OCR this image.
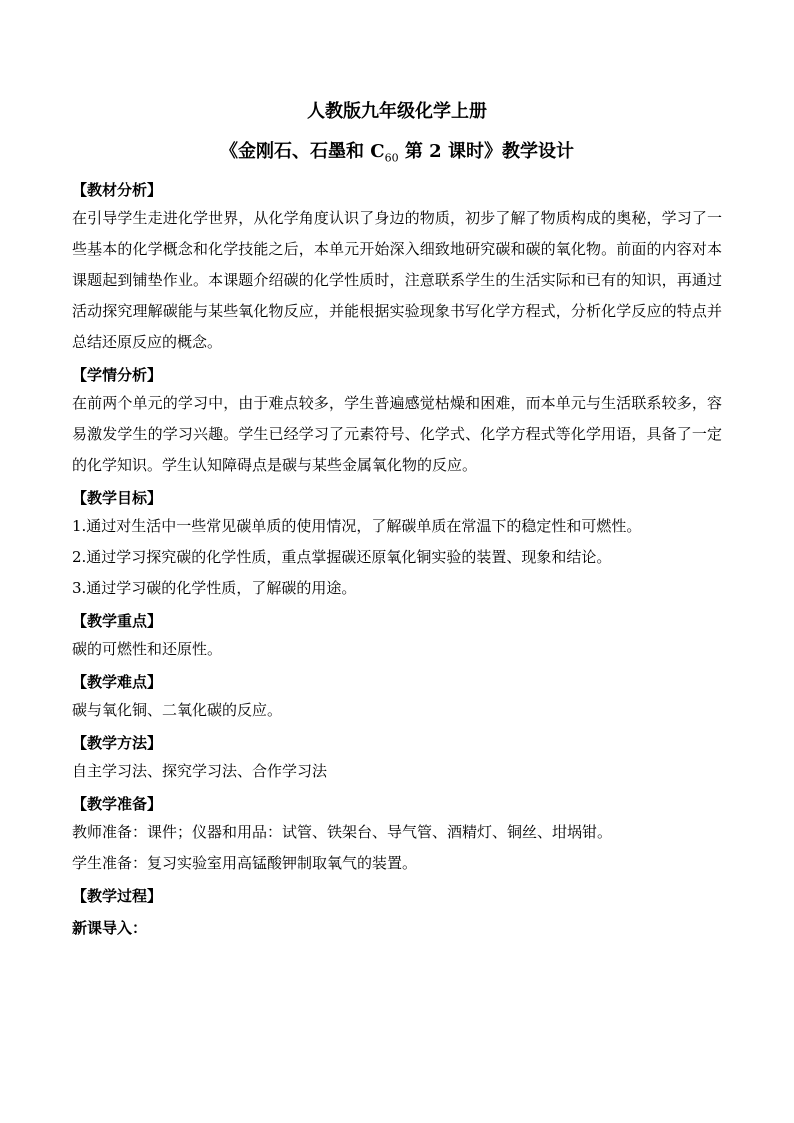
人教版九年级化学上册
《金刚石、石墨和 $C_{60}$ 第 2 课时》教学设计
【教材分析】

在引导学生走进化学世界，从化学角度认识了身边的物质，初步了解了物质构成的奥秘，学习了一些基本的化学概念和化学技能之后，本单元开始深入细致地研究碳和碳的氧化物。前面的内容对本课题起到铺垫作业。本课题介绍碳的化学性质时，注意联系学生的生活实际和已有的知识，再通过活动探究理解碳能与某些氧化物反应，并能根据实验现象书写化学方程式，分析化学反应的特点并总结还原反应的概念。

【学情分析】

在前两个单元的学习中，由于难点较多，学生普遍感觉枯燥和困难，而本单元与生活联系较多，容易激发学生的学习兴趣。学生已经学习了元素符号、化学式、化学方程式等化学用语，具备了一定的化学知识。学生认知障碍点是碳与某些金属氧化物的反应。

【教学目标】

1.通过对生活中一些常见碳单质的使用情况，了解碳单质在常温下的稳定性和可燃性。

2.通过学习探究碳的化学性质，重点掌握碳还原氧化铜实验的装置、现象和结论。

3.通过学习碳的化学性质，了解碳的用途。

【教学重点】

碳的可燃性和还原性。

【教学难点】

碳与氧化铜、二氧化碳的反应。

【教学方法】

自主学习法、探究学习法、合作学习法

【教学准备】

教师准备：课件；仪器和用品：试管、铁架台、导气管、酒精灯、铜丝、坩埚钳。

学生准备：复习实验室用高锰酸钾制取氧气的装置。

【教学过程】
新课导入：
